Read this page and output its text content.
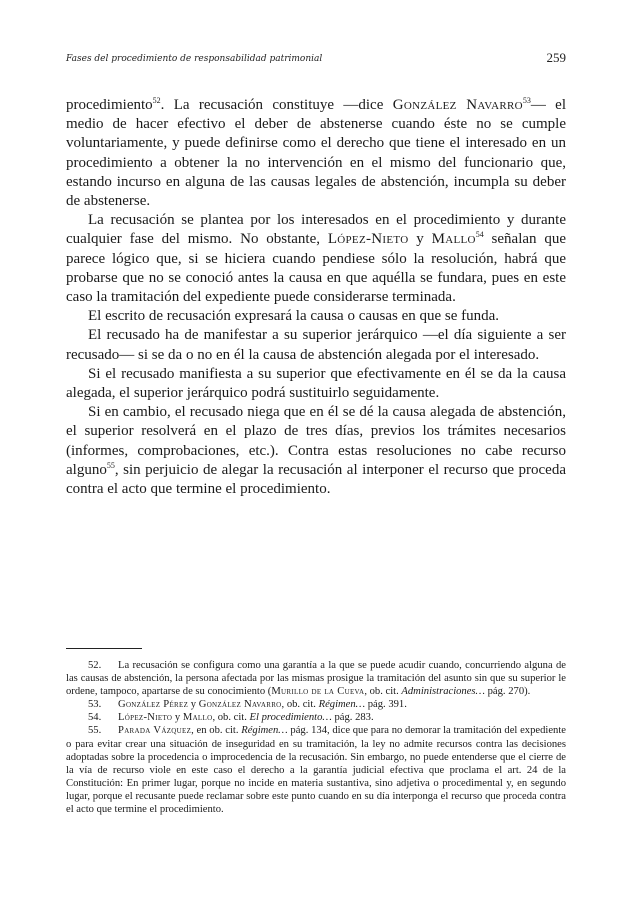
Fases del procedimiento de responsabilidad patrimonial	259

procedimiento$^{52}$. La recusación constituye —dice González Navarro$^{53}$— el medio de hacer efectivo el deber de abstenerse cuando éste no se cumple voluntariamente, y puede definirse como el derecho que tiene el interesado en un procedimiento a obtener la no intervención en el mismo del funcionario que, estando incurso en alguna de las causas legales de abstención, incumpla su deber de abstenerse.

La recusación se plantea por los interesados en el procedimiento y durante cualquier fase del mismo. No obstante, López-Nieto y Mallo$^{54}$ señalan que parece lógico que, si se hiciera cuando pendiese sólo la resolución, habrá que probarse que no se conoció antes la causa en que aquélla se fundara, pues en este caso la tramitación del expediente puede considerarse terminada.

El escrito de recusación expresará la causa o causas en que se funda.

El recusado ha de manifestar a su superior jerárquico —el día siguiente a ser recusado— si se da o no en él la causa de abstención alegada por el interesado.

Si el recusado manifiesta a su superior que efectivamente en él se da la causa alegada, el superior jerárquico podrá sustituirlo seguidamente.

Si en cambio, el recusado niega que en él se dé la causa alegada de abstención, el superior resolverá en el plazo de tres días, previos los trámites necesarios (informes, comprobaciones, etc.). Contra estas resoluciones no cabe recurso alguno$^{55}$, sin perjuicio de alegar la recusación al interponer el recurso que proceda contra el acto que termine el procedimiento.

52. La recusación se configura como una garantía a la que se puede acudir cuando, concurriendo alguna de las causas de abstención, la persona afectada por las mismas prosigue la tramitación del asunto sin que su superior le ordene, tampoco, apartarse de su conocimiento (Murillo de la Cueva, ob. cit. Administraciones… pág. 270).

53. González Pérez y González Navarro, ob. cit. Régimen… pág. 391.

54. López-Nieto y Mallo, ob. cit. El procedimiento… pág. 283.

55. Parada Vázquez, en ob. cit. Régimen… pág. 134, dice que para no demorar la tramitación del expediente o para evitar crear una situación de inseguridad en su tramitación, la ley no admite recursos contra las decisiones adoptadas sobre la procedencia o improcedencia de la recusación. Sin embargo, no puede entenderse que el cierre de la vía de recurso viole en este caso el derecho a la garantía judicial efectiva que proclama el art. 24 de la Constitución: En primer lugar, porque no incide en materia sustantiva, sino adjetiva o procedimental y, en segundo lugar, porque el recusante puede reclamar sobre este punto cuando en su día interponga el recurso que proceda contra el acto que termine el procedimiento.
